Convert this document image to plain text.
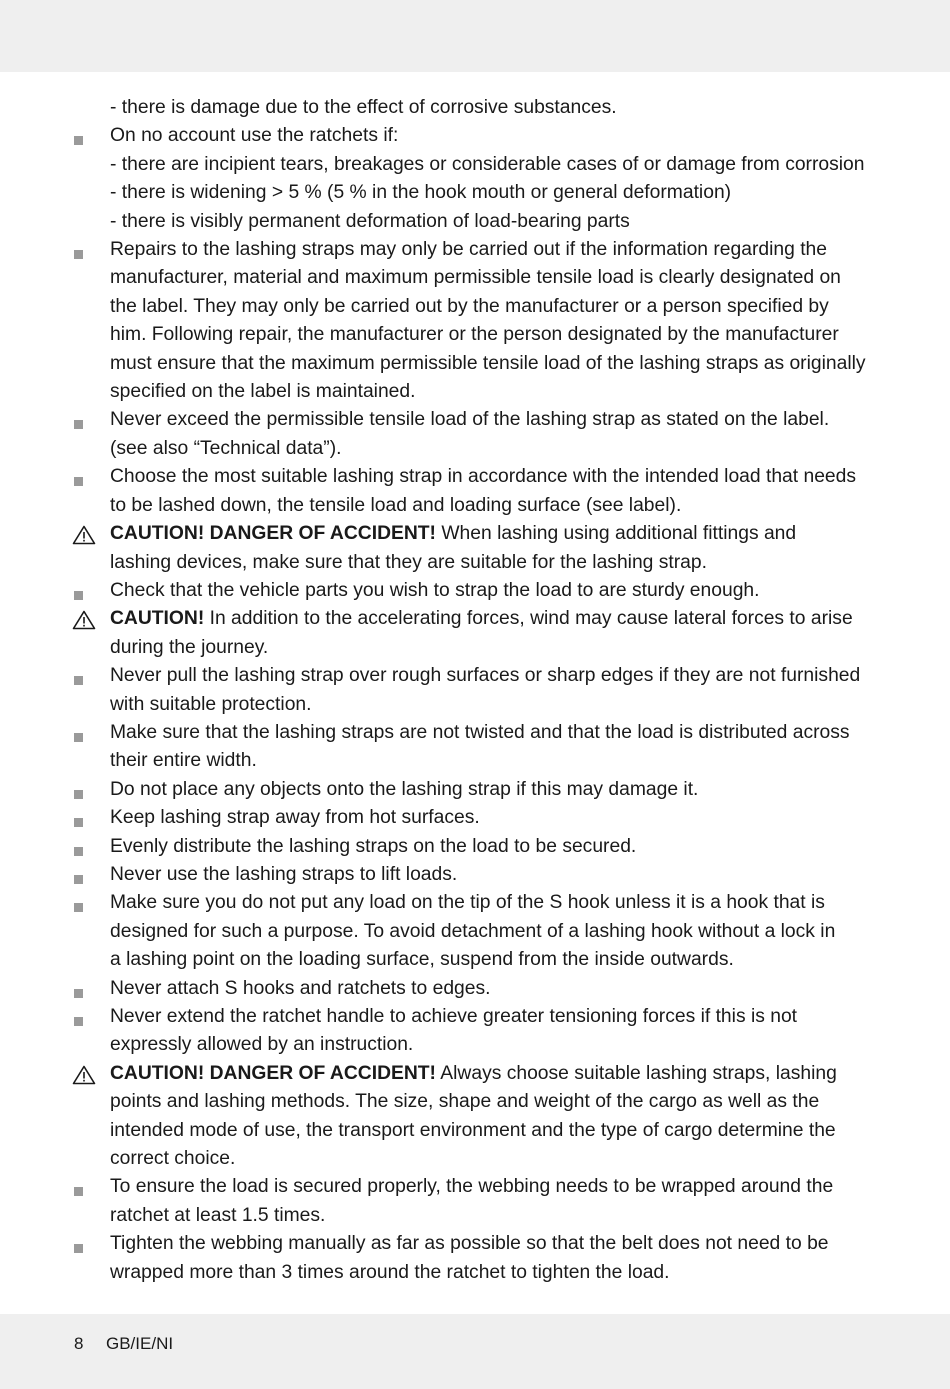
- there is damage due to the effect of corrosive substances.
On no account use the ratchets if:
- there are incipient tears, breakages or considerable cases of or damage from corrosion
- there is widening > 5 % (5 % in the hook mouth or general deformation)
- there is visibly permanent deformation of load-bearing parts
Repairs to the lashing straps may only be carried out if the information regarding the
manufacturer, material and maximum permissible tensile load is clearly designated on
the label. They may only be carried out by the manufacturer or a person specified by
him. Following repair, the manufacturer or the person designated by the manufacturer
must ensure that the maximum permissible tensile load of the lashing straps as originally
specified on the label is maintained.
Never exceed the permissible tensile load of the lashing strap as stated on the label.
(see also “Technical data”).
Choose the most suitable lashing strap in accordance with the intended load that needs
to be lashed down, the tensile load and loading surface (see label).
CAUTION! DANGER OF ACCIDENT! When lashing using additional fittings and
lashing devices, make sure that they are suitable for the lashing strap.
Check that the vehicle parts you wish to strap the load to are sturdy enough.
CAUTION! In addition to the accelerating forces, wind may cause lateral forces to arise
during the journey.
Never pull the lashing strap over rough surfaces or sharp edges if they are not furnished
with suitable protection.
Make sure that the lashing straps are not twisted and that the load is distributed across
their entire width.
Do not place any objects onto the lashing strap if this may damage it.
Keep lashing strap away from hot surfaces.
Evenly distribute the lashing straps on the load to be secured.
Never use the lashing straps to lift loads.
Make sure you do not put any load on the tip of the S hook unless it is a hook that is
designed for such a purpose. To avoid detachment of a lashing hook without a lock in
a lashing point on the loading surface, suspend from the inside outwards.
Never attach S hooks and ratchets to edges.
Never extend the ratchet handle to achieve greater tensioning forces if this is not
expressly allowed by an instruction.
CAUTION! DANGER OF ACCIDENT! Always choose suitable lashing straps, lashing
points and lashing methods. The size, shape and weight of the cargo as well as the
intended mode of use, the transport environment and the type of cargo determine the
correct choice.
To ensure the load is secured properly, the webbing needs to be wrapped around the
ratchet at least 1.5 times.
Tighten the webbing manually as far as possible so that the belt does not need to be
wrapped more than 3 times around the ratchet to tighten the load.
8 GB/IE/NI
